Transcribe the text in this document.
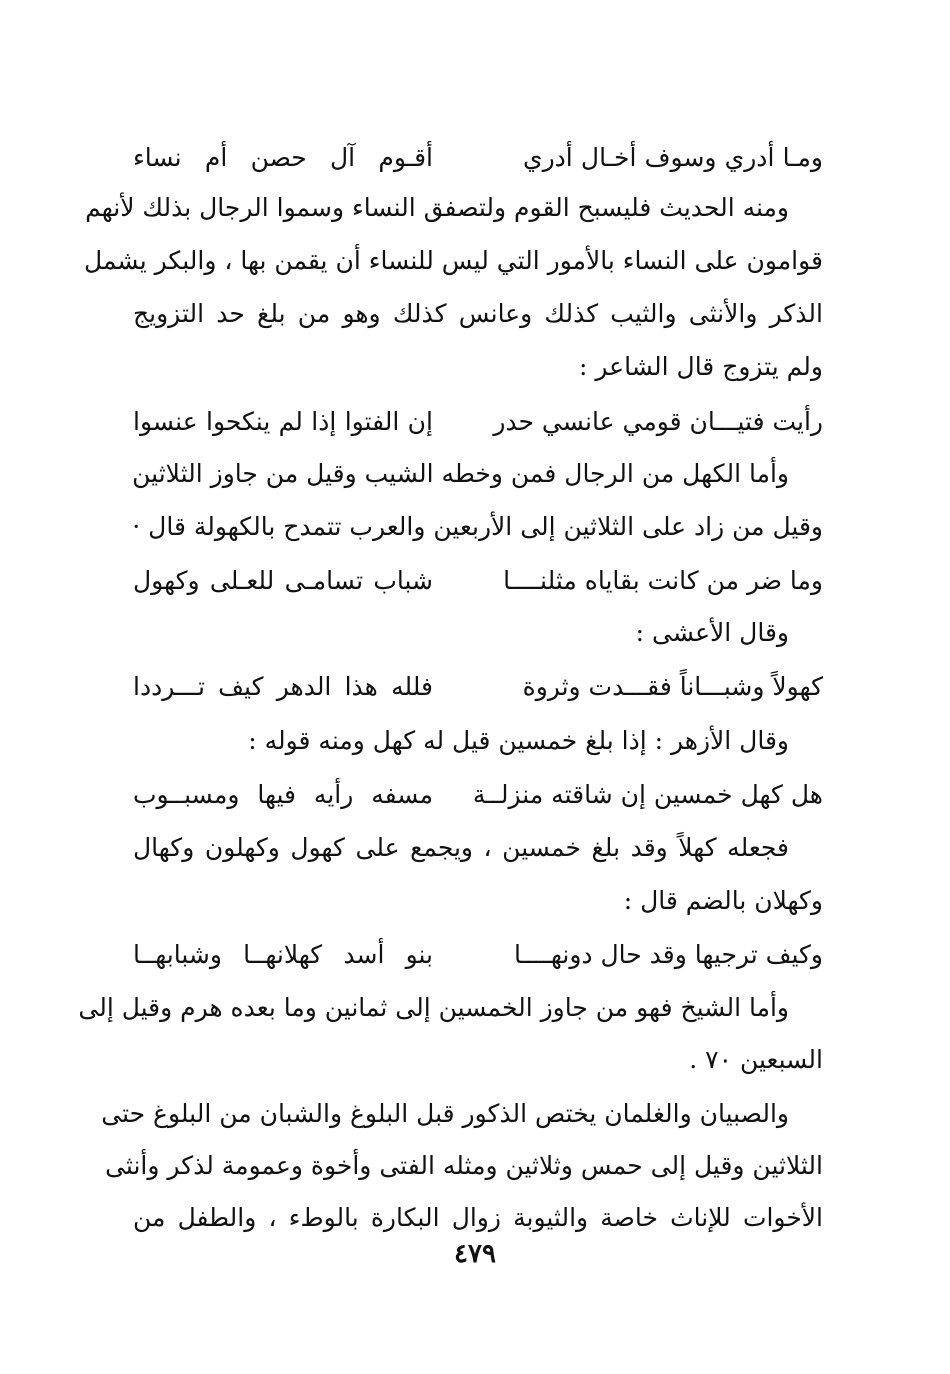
ومـا أدري وسوف أخـال أدري
أقـوم آل حصن أم نساء
ومنه الحديث فليسبح القوم ولتصفق النساء وسموا الرجال بذلك لأنهم
قوامون على النساء بالأمور التي ليس للنساء أن يقمن بها ، والبكر يشمل
الذكر والأنثى والثيب كذلك وعانس كذلك وهو من بلغ حد التزويج
ولم يتزوج قال الشاعر :
رأيت فتيـــان قومي عانسي حدر
إن الفتوا إذا لم ينكحوا عنسوا
وأما الكهل من الرجال فمن وخطه الشيب وقيل من جاوز الثلاثين
وقيل من زاد على الثلاثين إلى الأربعين والعرب تتمدح بالكهولة قال ·
وما ضر من كانت بقاياه مثلنــــا
شباب تسامـى للعـلى وكهول
وقال الأعشى :
كهولاً وشبـــاناً فقـــدت وثروة
فلله هذا الدهر كيف تـــرددا
وقال الأزهر : إذا بلغ خمسين قيل له كهل ومنه قوله :
هل كهل خمسين إن شاقته منزلــة
مسفه رأيه فيها ومسبــوب
فجعله كهلاً وقد بلغ خمسين ، ويجمع على كهول وكهلون وكهال
وكهلان بالضم قال :
وكيف ترجيها وقد حال دونهــــا
بنو أسد كهلانهــا وشبابهــا
وأما الشيخ فهو من جاوز الخمسين إلى ثمانين وما بعده هرم وقيل إلى
السبعين ٧٠ .
والصبيان والغلمان يختص الذكور قبل البلوغ والشبان من البلوغ حتى
الثلاثين وقيل إلى حمس وثلاثين ومثله الفتى وأخوة وعمومة لذكر وأنثى
الأخوات للإناث خاصة والثيوبة زوال البكارة بالوطء ، والطفل من
٤٧٩
